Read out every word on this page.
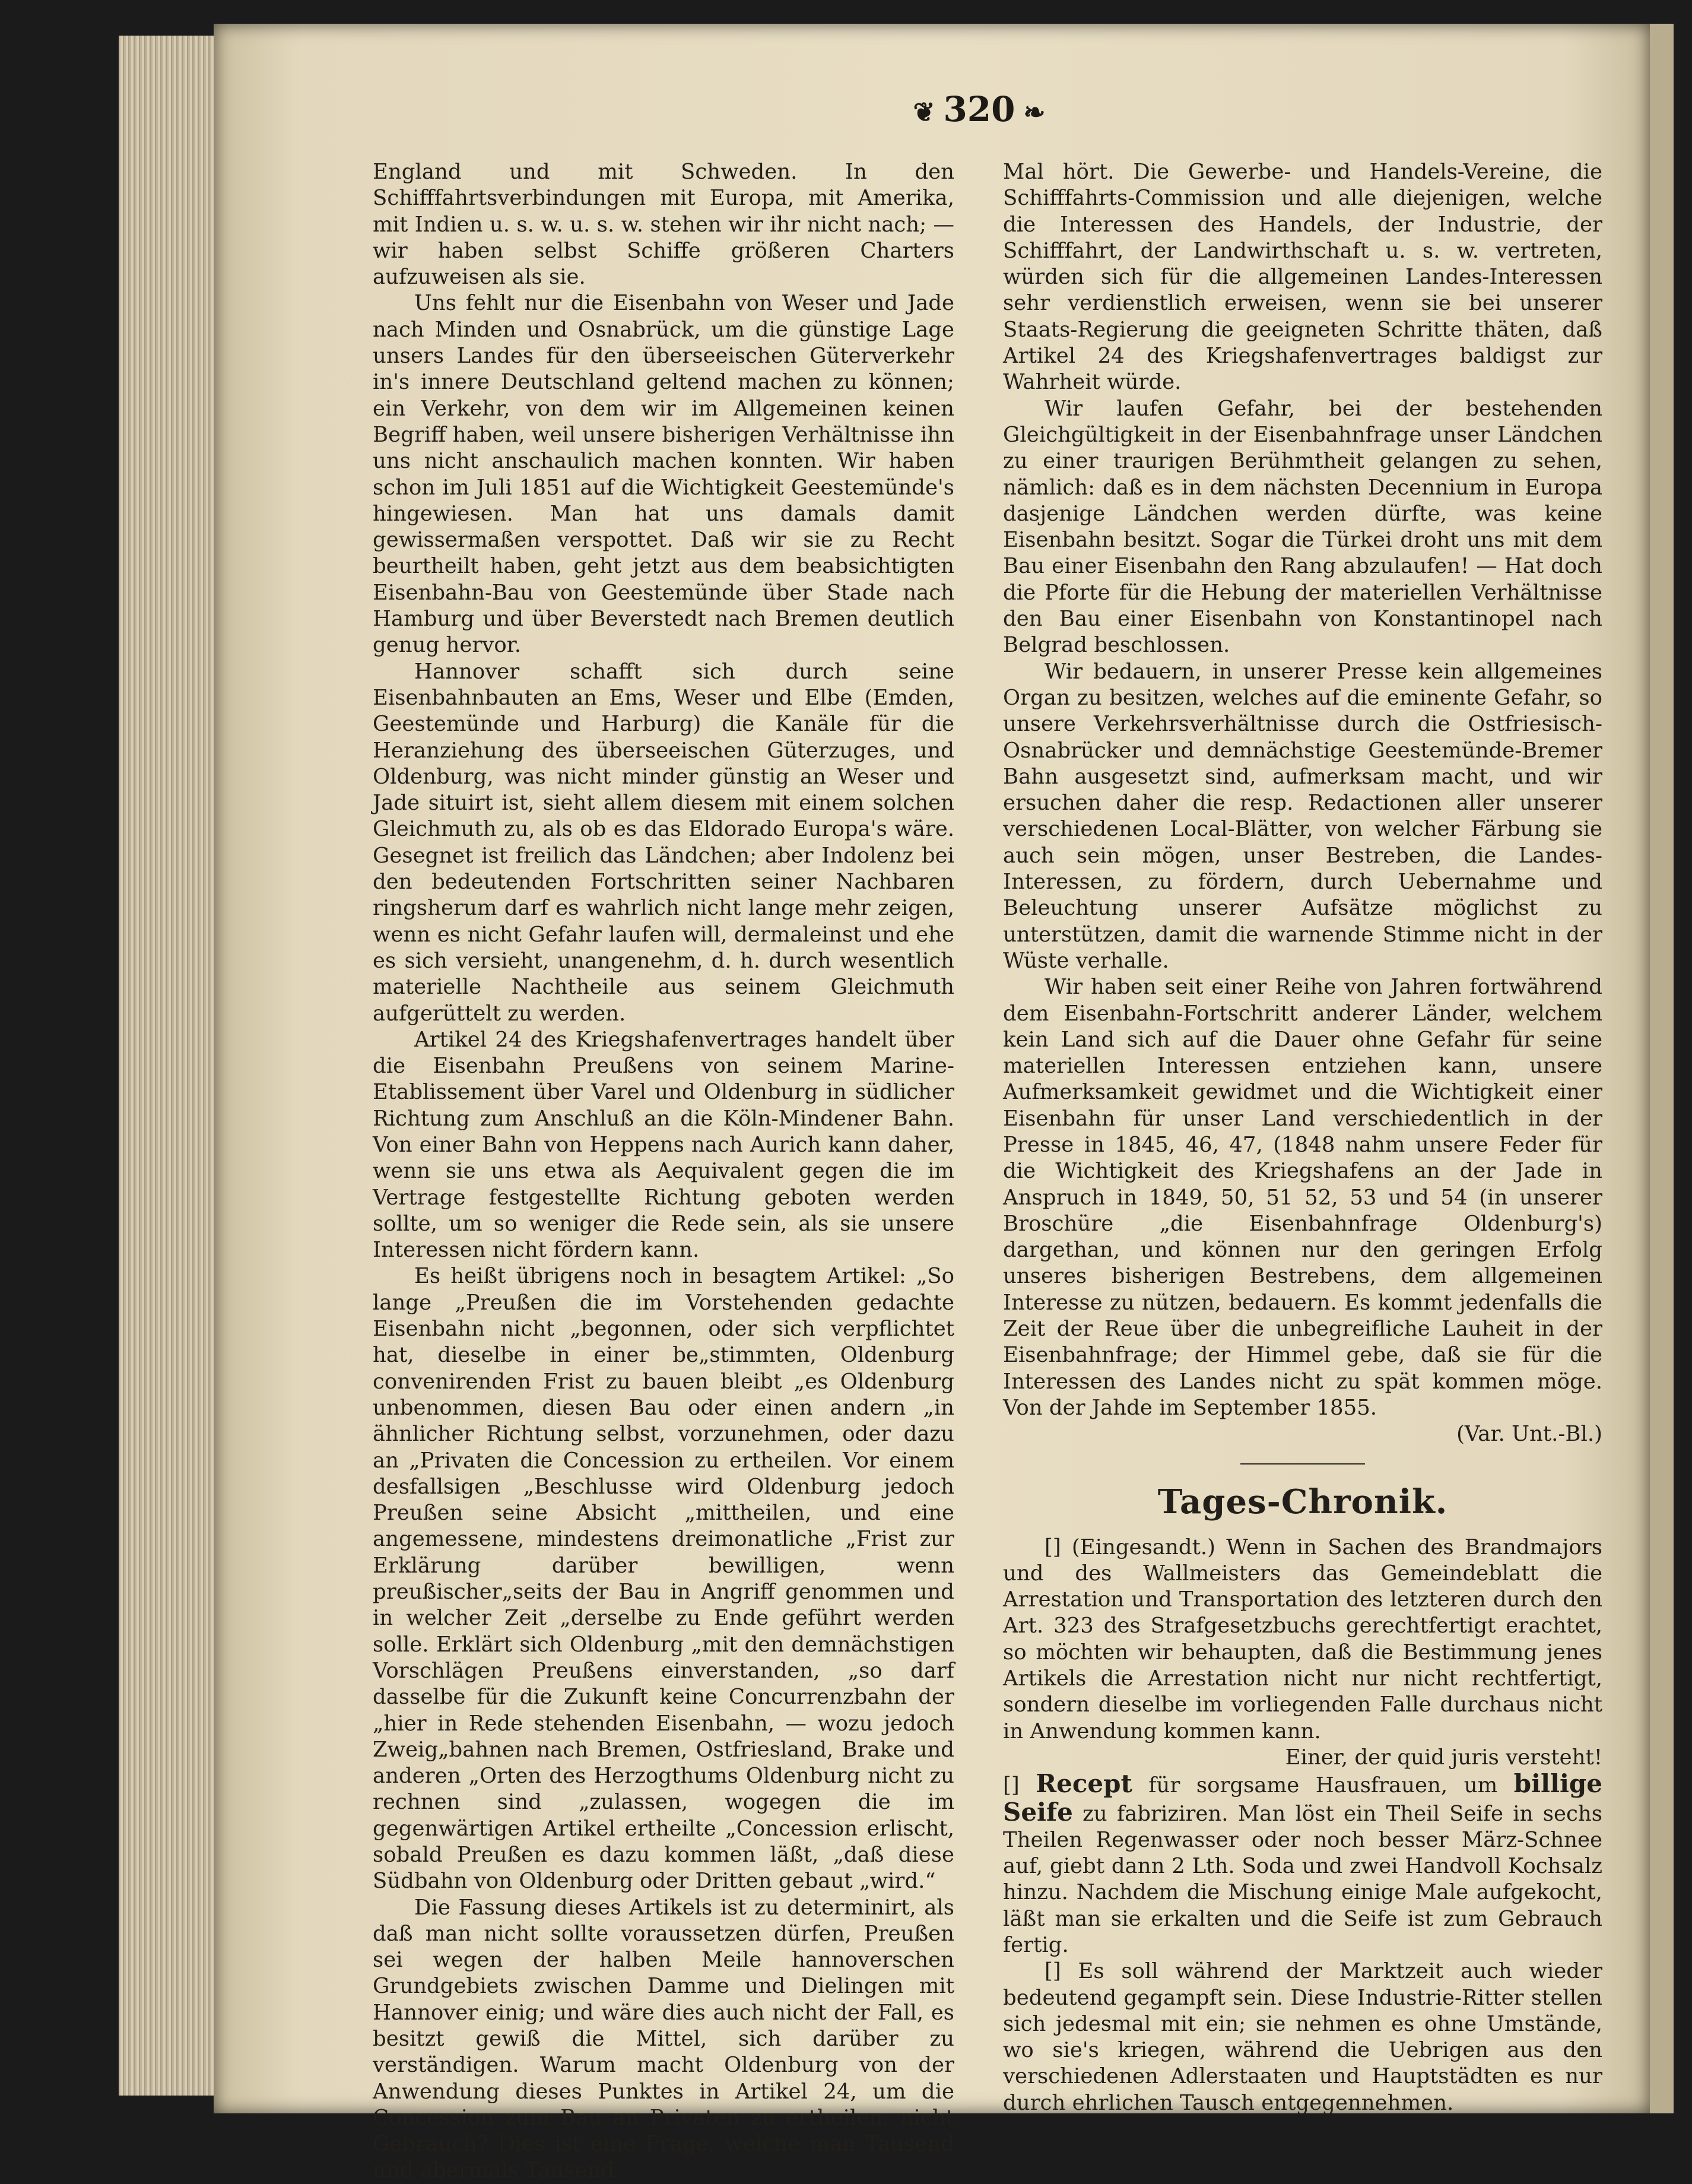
❦ 320 ❧

England und mit Schweden. In den Schifffahrtsverbindungen mit Europa, mit Amerika, mit Indien u. s. w. u. s. w. stehen wir ihr nicht nach; — wir haben selbst Schiffe größeren Charters aufzuweisen als sie.

Uns fehlt nur die Eisenbahn von Weser und Jade nach Minden und Osnabrück, um die günstige Lage unsers Landes für den überseeischen Güterverkehr in's innere Deutschland geltend machen zu können; ein Verkehr, von dem wir im Allgemeinen keinen Begriff haben, weil unsere bisherigen Verhältnisse ihn uns nicht anschaulich machen konnten. Wir haben schon im Juli 1851 auf die Wichtigkeit Geestemünde's hingewiesen. Man hat uns damals damit gewissermaßen verspottet. Daß wir sie zu Recht beurtheilt haben, geht jetzt aus dem beabsichtigten Eisenbahn-Bau von Geestemünde über Stade nach Hamburg und über Beverstedt nach Bremen deutlich genug hervor.

Hannover schafft sich durch seine Eisenbahnbauten an Ems, Weser und Elbe (Emden, Geestemünde und Harburg) die Kanäle für die Heranziehung des überseeischen Güterzuges, und Oldenburg, was nicht minder günstig an Weser und Jade situirt ist, sieht allem diesem mit einem solchen Gleichmuth zu, als ob es das Eldorado Europa's wäre. Gesegnet ist freilich das Ländchen; aber Indolenz bei den bedeutenden Fortschritten seiner Nachbaren ringsherum darf es wahrlich nicht lange mehr zeigen, wenn es nicht Gefahr laufen will, dermaleinst und ehe es sich versieht, unangenehm, d. h. durch wesentlich materielle Nachtheile aus seinem Gleichmuth aufgerüttelt zu werden.

Artikel 24 des Kriegshafenvertrages handelt über die Eisenbahn Preußens von seinem Marine-Etablissement über Varel und Oldenburg in südlicher Richtung zum Anschluß an die Köln-Mindener Bahn. Von einer Bahn von Heppens nach Aurich kann daher, wenn sie uns etwa als Aequivalent gegen die im Vertrage festgestellte Richtung geboten werden sollte, um so weniger die Rede sein, als sie unsere Interessen nicht fördern kann.

Es heißt übrigens noch in besagtem Artikel: „So lange „Preußen die im Vorstehenden gedachte Eisenbahn nicht „begonnen, oder sich verpflichtet hat, dieselbe in einer be„stimmten, Oldenburg convenirenden Frist zu bauen bleibt „es Oldenburg unbenommen, diesen Bau oder einen andern „in ähnlicher Richtung selbst, vorzunehmen, oder dazu an „Privaten die Concession zu ertheilen. Vor einem desfallsigen „Beschlusse wird Oldenburg jedoch Preußen seine Absicht „mittheilen, und eine angemessene, mindestens dreimonatliche „Frist zur Erklärung darüber bewilligen, wenn preußischer„seits der Bau in Angriff genommen und in welcher Zeit „derselbe zu Ende geführt werden solle. Erklärt sich Oldenburg „mit den demnächstigen Vorschlägen Preußens einverstanden, „so darf dasselbe für die Zukunft keine Concurrenzbahn der „hier in Rede stehenden Eisenbahn, — wozu jedoch Zweig„bahnen nach Bremen, Ostfriesland, Brake und anderen „Orten des Herzogthums Oldenburg nicht zu rechnen sind „zulassen, wogegen die im gegenwärtigen Artikel ertheilte „Concession erlischt, sobald Preußen es dazu kommen läßt, „daß diese Südbahn von Oldenburg oder Dritten gebaut „wird.“

Die Fassung dieses Artikels ist zu determinirt, als daß man nicht sollte voraussetzen dürfen, Preußen sei wegen der halben Meile hannoverschen Grundgebiets zwischen Damme und Dielingen mit Hannover einig; und wäre dies auch nicht der Fall, es besitzt gewiß die Mittel, sich darüber zu verständigen. Warum macht Oldenburg von der Anwendung dieses Punktes in Artikel 24, um die Concession zum Bau an Privaten zu ertheilen, nicht Gebrauch? Dies ist eine Frage, welche man Tausend und abermals Tausend

Mal hört. Die Gewerbe- und Handels-Vereine, die Schifffahrts-Commission und alle diejenigen, welche die Interessen des Handels, der Industrie, der Schifffahrt, der Landwirthschaft u. s. w. vertreten, würden sich für die allgemeinen Landes-Interessen sehr verdienstlich erweisen, wenn sie bei unserer Staats-Regierung die geeigneten Schritte thäten, daß Artikel 24 des Kriegshafenvertrages baldigst zur Wahrheit würde.

Wir laufen Gefahr, bei der bestehenden Gleichgültigkeit in der Eisenbahnfrage unser Ländchen zu einer traurigen Berühmtheit gelangen zu sehen, nämlich: daß es in dem nächsten Decennium in Europa dasjenige Ländchen werden dürfte, was keine Eisenbahn besitzt. Sogar die Türkei droht uns mit dem Bau einer Eisenbahn den Rang abzulaufen! — Hat doch die Pforte für die Hebung der materiellen Verhältnisse den Bau einer Eisenbahn von Konstantinopel nach Belgrad beschlossen.

Wir bedauern, in unserer Presse kein allgemeines Organ zu besitzen, welches auf die eminente Gefahr, so unsere Verkehrsverhältnisse durch die Ostfriesisch-Osnabrücker und demnächstige Geestemünde-Bremer Bahn ausgesetzt sind, aufmerksam macht, und wir ersuchen daher die resp. Redactionen aller unserer verschiedenen Local-Blätter, von welcher Färbung sie auch sein mögen, unser Bestreben, die Landes-Interessen, zu fördern, durch Uebernahme und Beleuchtung unserer Aufsätze möglichst zu unterstützen, damit die warnende Stimme nicht in der Wüste verhalle.

Wir haben seit einer Reihe von Jahren fortwährend dem Eisenbahn-Fortschritt anderer Länder, welchem kein Land sich auf die Dauer ohne Gefahr für seine materiellen Interessen entziehen kann, unsere Aufmerksamkeit gewidmet und die Wichtigkeit einer Eisenbahn für unser Land verschiedentlich in der Presse in 1845, 46, 47, (1848 nahm unsere Feder für die Wichtigkeit des Kriegshafens an der Jade in Anspruch in 1849, 50, 51 52, 53 und 54 (in unserer Broschüre „die Eisenbahnfrage Oldenburg's) dargethan, und können nur den geringen Erfolg unseres bisherigen Bestrebens, dem allgemeinen Interesse zu nützen, bedauern. Es kommt jedenfalls die Zeit der Reue über die unbegreifliche Lauheit in der Eisenbahnfrage; der Himmel gebe, daß sie für die Interessen des Landes nicht zu spät kommen möge. Von der Jahde im September 1855.

(Var. Unt.-Bl.)

Tages-Chronik.

[] (Eingesandt.) Wenn in Sachen des Brandmajors und des Wallmeisters das Gemeindeblatt die Arrestation und Transportation des letzteren durch den Art. 323 des Strafgesetzbuchs gerechtfertigt erachtet, so möchten wir behaupten, daß die Bestimmung jenes Artikels die Arrestation nicht nur nicht rechtfertigt, sondern dieselbe im vorliegenden Falle durchaus nicht in Anwendung kommen kann.

Einer, der quid juris versteht!

[] Recept für sorgsame Hausfrauen, um billige Seife zu fabriziren. Man löst ein Theil Seife in sechs Theilen Regenwasser oder noch besser März-Schnee auf, giebt dann 2 Lth. Soda und zwei Handvoll Kochsalz hinzu. Nachdem die Mischung einige Male aufgekocht, läßt man sie erkalten und die Seife ist zum Gebrauch fertig.

[] Es soll während der Marktzeit auch wieder bedeutend gegampft sein. Diese Industrie-Ritter stellen sich jedesmal mit ein; sie nehmen es ohne Umstände, wo sie's kriegen, während die Uebrigen aus den verschiedenen Adlerstaaten und Hauptstädten es nur durch ehrlichen Tausch entgegennehmen.
